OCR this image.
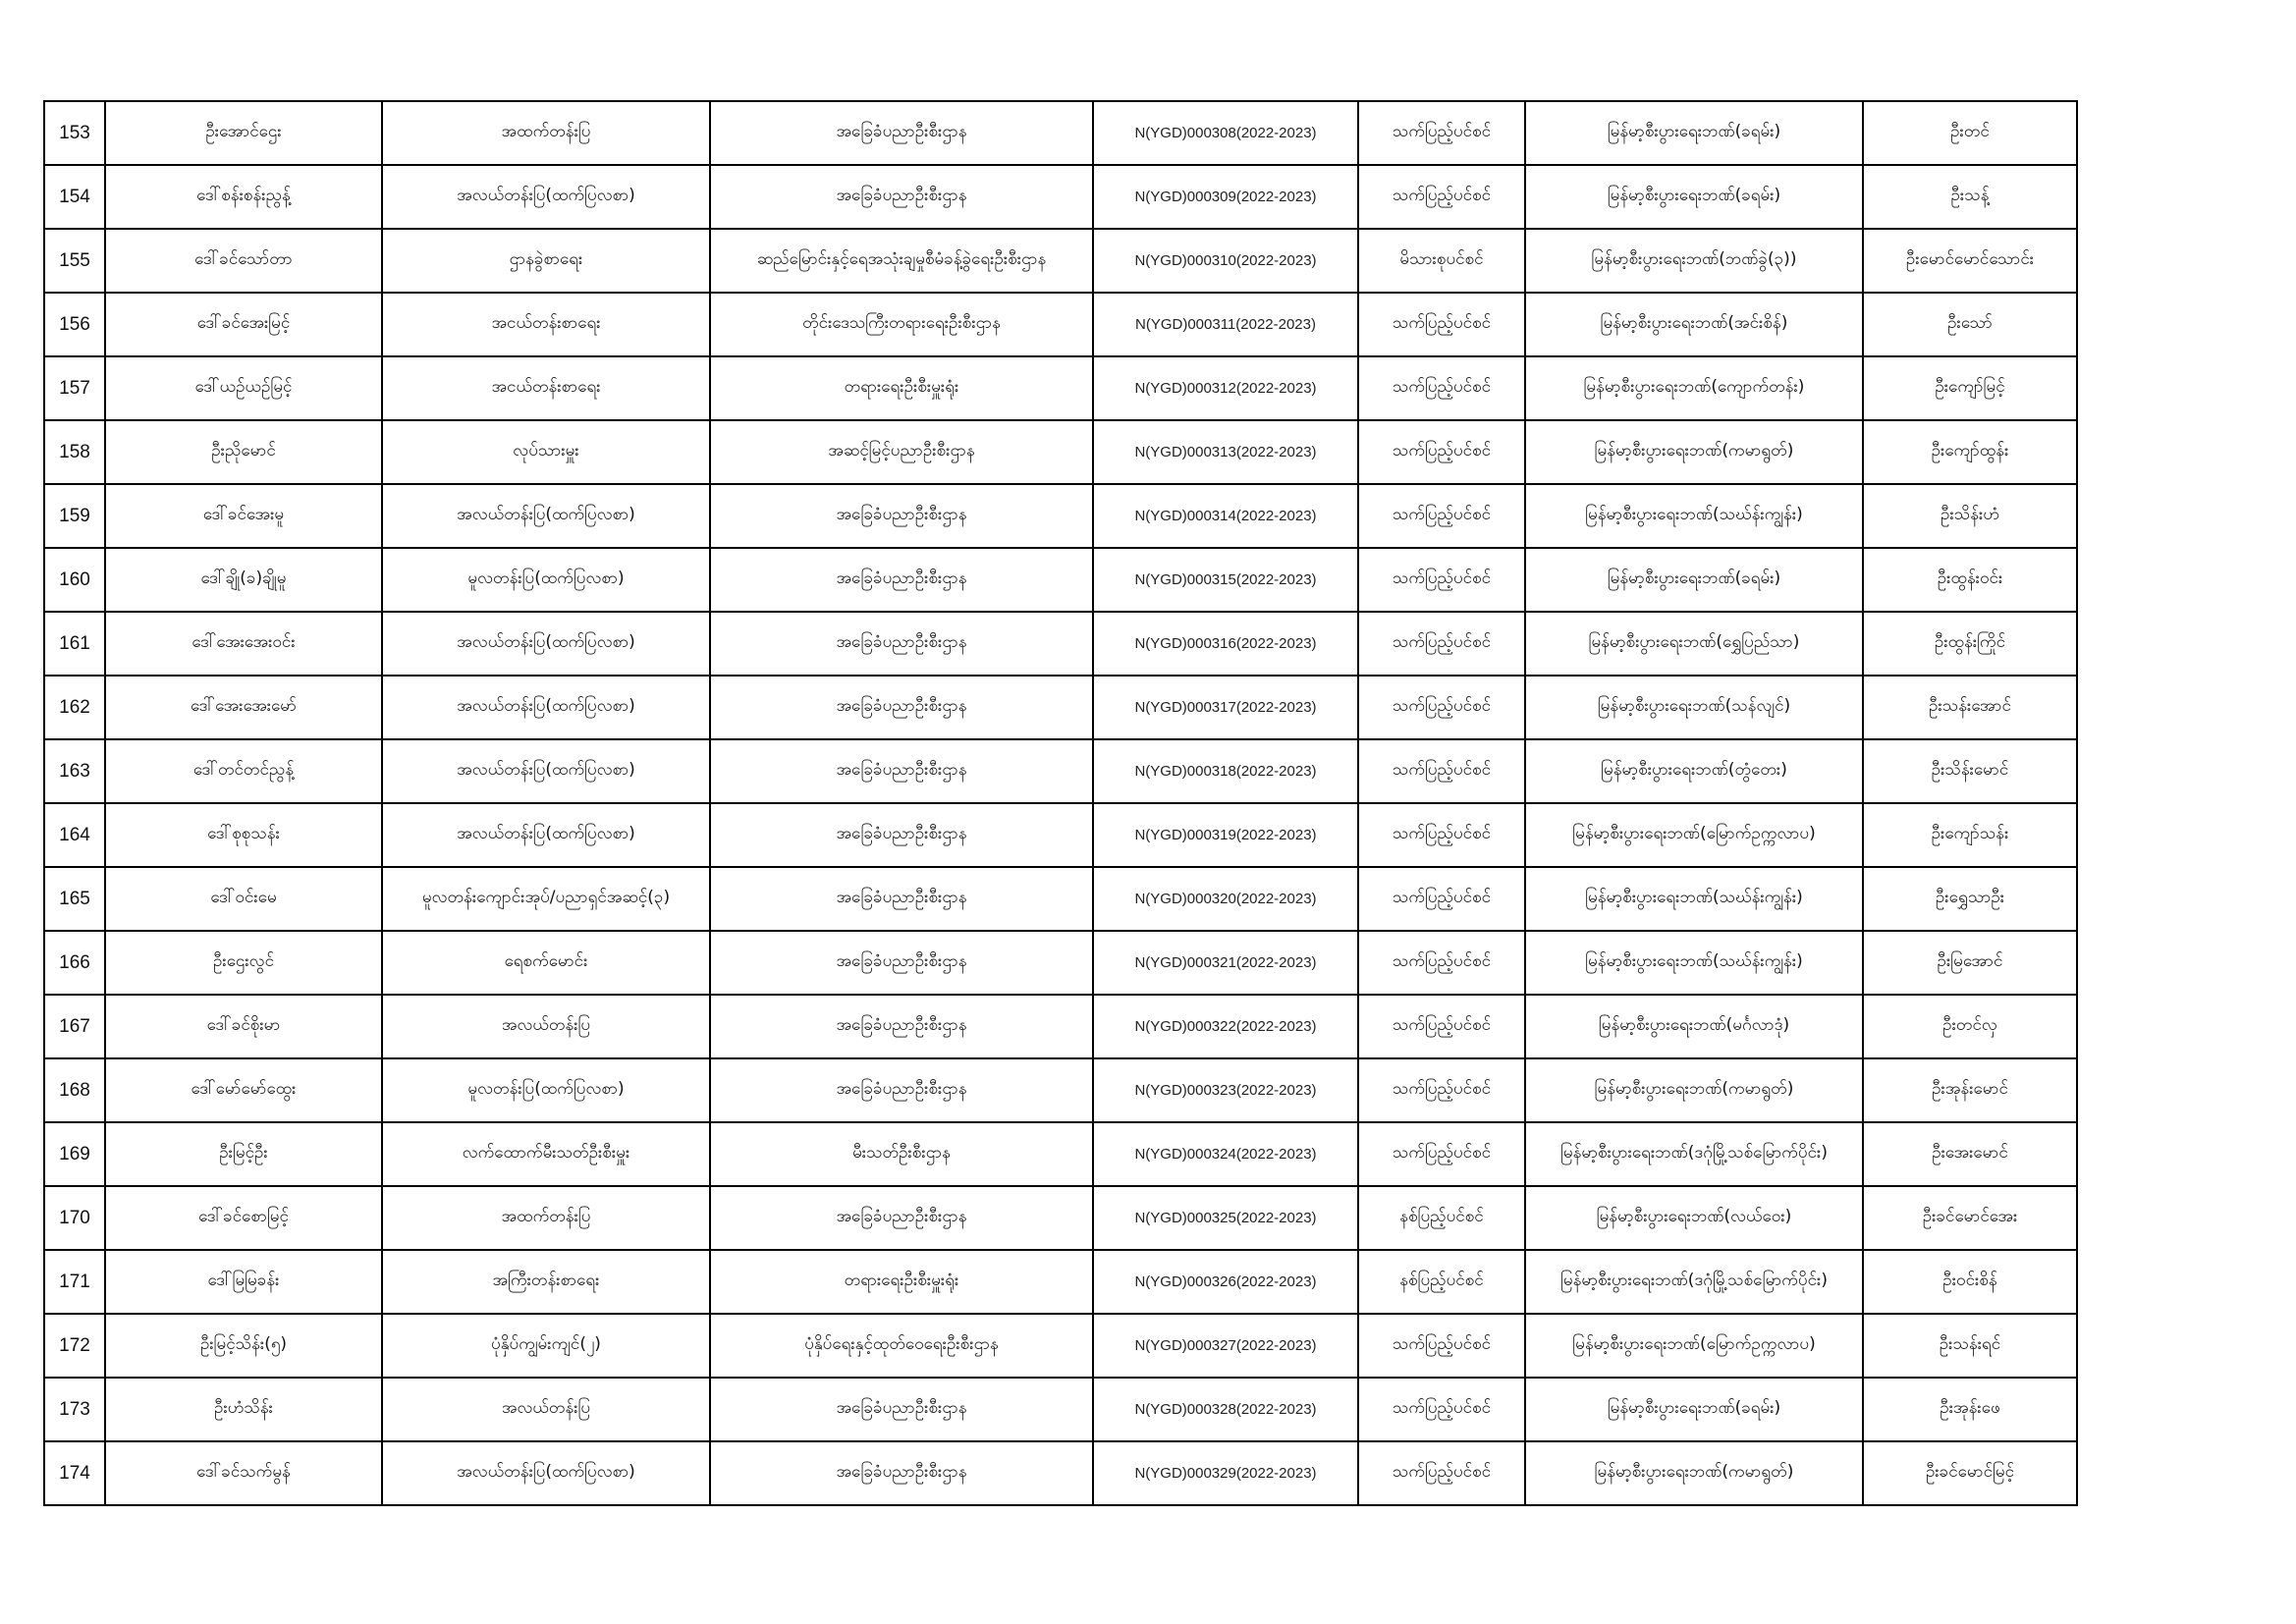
153	ဦးအောင်ဌေး	အထက်တန်းပြ	အခြေခံပညာဦးစီးဌာန	N(YGD)000308(2022-2023)	သက်ပြည့်ပင်စင်	မြန်မာ့စီးပွားရေးဘဏ်(ခရမ်း)	ဦးတင်
154	ဒေါ်စန်းစန်းညွန့်	အလယ်တန်းပြ(ထက်ပြလစာ)	အခြေခံပညာဦးစီးဌာန	N(YGD)000309(2022-2023)	သက်ပြည့်ပင်စင်	မြန်မာ့စီးပွားရေးဘဏ်(ခရမ်း)	ဦးသန့်
155	ဒေါ်ခင်သော်တာ	ဌာနခွဲစာရေး	ဆည်မြောင်းနှင့်ရေအသုံးချမှုစီမံခန့်ခွဲရေးဦးစီးဌာန	N(YGD)000310(2022-2023)	မိသားစုပင်စင်	မြန်မာ့စီးပွားရေးဘဏ်(ဘဏ်ခွဲ(၃))	ဦးမောင်မောင်သောင်း
156	ဒေါ်ခင်အေးမြင့်	အငယ်တန်းစာရေး	တိုင်းဒေသကြီးတရားရေးဦးစီးဌာန	N(YGD)000311(2022-2023)	သက်ပြည့်ပင်စင်	မြန်မာ့စီးပွားရေးဘဏ်(အင်းစိန်)	ဦးသော်
157	ဒေါ်ယဉ်ယဉ်မြင့်	အငယ်တန်းစာရေး	တရားရေးဦးစီးမှူးရုံး	N(YGD)000312(2022-2023)	သက်ပြည့်ပင်စင်	မြန်မာ့စီးပွားရေးဘဏ်(ကျောက်တန်း)	ဦးကျော်မြင့်
158	ဦးညိုမောင်	လုပ်သားမှူး	အဆင့်မြင့်ပညာဦးစီးဌာန	N(YGD)000313(2022-2023)	သက်ပြည့်ပင်စင်	မြန်မာ့စီးပွားရေးဘဏ်(ကမာရွတ်)	ဦးကျော်ထွန်း
159	ဒေါ်ခင်အေးမူ	အလယ်တန်းပြ(ထက်ပြလစာ)	အခြေခံပညာဦးစီးဌာန	N(YGD)000314(2022-2023)	သက်ပြည့်ပင်စင်	မြန်မာ့စီးပွားရေးဘဏ်(သဃ်န်းကျွန်း)	ဦးသိန်းဟံ
160	ဒေါ်ချို(ခ)ချိုမူ	မူလတန်းပြ(ထက်ပြလစာ)	အခြေခံပညာဦးစီးဌာန	N(YGD)000315(2022-2023)	သက်ပြည့်ပင်စင်	မြန်မာ့စီးပွားရေးဘဏ်(ခရမ်း)	ဦးထွန်းဝင်း
161	ဒေါ်အေးအေးဝင်း	အလယ်တန်းပြ(ထက်ပြလစာ)	အခြေခံပညာဦးစီးဌာန	N(YGD)000316(2022-2023)	သက်ပြည့်ပင်စင်	မြန်မာ့စီးပွားရေးဘဏ်(ရွှေပြည်သာ)	ဦးထွန်းကြိုင်
162	ဒေါ်အေးအေးမော်	အလယ်တန်းပြ(ထက်ပြလစာ)	အခြေခံပညာဦးစီးဌာန	N(YGD)000317(2022-2023)	သက်ပြည့်ပင်စင်	မြန်မာ့စီးပွားရေးဘဏ်(သန်လျင်)	ဦးသန်းအောင်
163	ဒေါ်တင်တင်ညွန့်	အလယ်တန်းပြ(ထက်ပြလစာ)	အခြေခံပညာဦးစီးဌာန	N(YGD)000318(2022-2023)	သက်ပြည့်ပင်စင်	မြန်မာ့စီးပွားရေးဘဏ်(တွံတေး)	ဦးသိန်းမောင်
164	ဒေါ်စုစုသန်း	အလယ်တန်းပြ(ထက်ပြလစာ)	အခြေခံပညာဦးစီးဌာန	N(YGD)000319(2022-2023)	သက်ပြည့်ပင်စင်	မြန်မာ့စီးပွားရေးဘဏ်(မြောက်ဥက္ကလာပ)	ဦးကျော်သန်း
165	ဒေါ်ဝင်းမေ	မူလတန်းကျောင်းအုပ်/ပညာရှင်အဆင့်(၃)	အခြေခံပညာဦးစီးဌာန	N(YGD)000320(2022-2023)	သက်ပြည့်ပင်စင်	မြန်မာ့စီးပွားရေးဘဏ်(သဃ်န်းကျွန်း)	ဦးရွှေသာဦး
166	ဦးဌေးလွင်	ရေစက်မောင်း	အခြေခံပညာဦးစီးဌာန	N(YGD)000321(2022-2023)	သက်ပြည့်ပင်စင်	မြန်မာ့စီးပွားရေးဘဏ်(သဃ်န်းကျွန်း)	ဦးမြအောင်
167	ဒေါ်ခင်စိုးမာ	အလယ်တန်းပြ	အခြေခံပညာဦးစီးဌာန	N(YGD)000322(2022-2023)	သက်ပြည့်ပင်စင်	မြန်မာ့စီးပွားရေးဘဏ်(မင်္ဂလာဒုံ)	ဦးတင်လှ
168	ဒေါ်မော်မော်ထွေး	မူလတန်းပြ(ထက်ပြလစာ)	အခြေခံပညာဦးစီးဌာန	N(YGD)000323(2022-2023)	သက်ပြည့်ပင်စင်	မြန်မာ့စီးပွားရေးဘဏ်(ကမာရွတ်)	ဦးအုန်းမောင်
169	ဦးမြင့်ဦး	လက်ထောက်မီးသတ်ဦးစီးမှူး	မီးသတ်ဦးစီးဌာန	N(YGD)000324(2022-2023)	သက်ပြည့်ပင်စင်	မြန်မာ့စီးပွားရေးဘဏ်(ဒဂုံမြို့သစ်မြောက်ပိုင်း)	ဦးအေးမောင်
170	ဒေါ်ခင်စောမြင့်	အထက်တန်းပြ	အခြေခံပညာဦးစီးဌာန	N(YGD)000325(2022-2023)	နစ်ပြည့်ပင်စင်	မြန်မာ့စီးပွားရေးဘဏ်(လယ်ဝေး)	ဦးခင်မောင်အေး
171	ဒေါ်မြမြခန်း	အကြီးတန်းစာရေး	တရားရေးဦးစီးမှူးရုံး	N(YGD)000326(2022-2023)	နစ်ပြည့်ပင်စင်	မြန်မာ့စီးပွားရေးဘဏ်(ဒဂုံမြို့သစ်မြောက်ပိုင်း)	ဦးဝင်းစိန်
172	ဦးမြင့်သိန်း(၅)	ပုံနှိပ်ကျွမ်းကျင်(၂)	ပုံနှိပ်ရေးနှင့်ထုတ်ဝေရေးဦးစီးဌာန	N(YGD)000327(2022-2023)	သက်ပြည့်ပင်စင်	မြန်မာ့စီးပွားရေးဘဏ်(မြောက်ဥက္ကလာပ)	ဦးသန်းရင်
173	ဦးဟံသိန်း	အလယ်တန်းပြ	အခြေခံပညာဦးစီးဌာန	N(YGD)000328(2022-2023)	သက်ပြည့်ပင်စင်	မြန်မာ့စီးပွားရေးဘဏ်(ခရမ်း)	ဦးအုန်းဖေ
174	ဒေါ်ခင်သက်မွန်	အလယ်တန်းပြ(ထက်ပြလစာ)	အခြေခံပညာဦးစီးဌာန	N(YGD)000329(2022-2023)	သက်ပြည့်ပင်စင်	မြန်မာ့စီးပွားရေးဘဏ်(ကမာရွတ်)	ဦးခင်မောင်မြင့်
